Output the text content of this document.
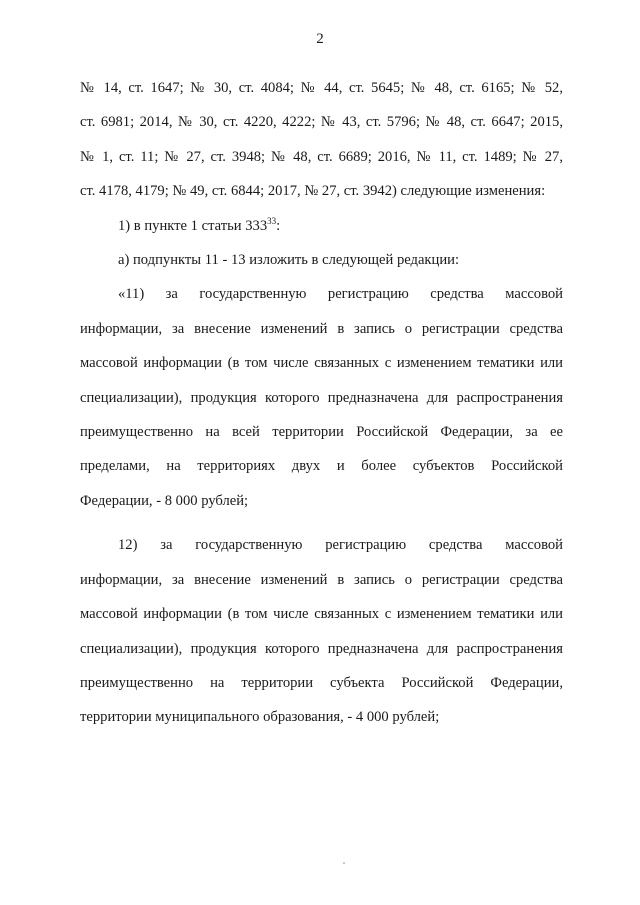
2
№ 14, ст. 1647; № 30, ст. 4084; № 44, ст. 5645; № 48, ст. 6165; № 52,
ст. 6981; 2014, № 30, ст. 4220, 4222; № 43, ст. 5796; № 48, ст. 6647; 2015,
№ 1, ст. 11; № 27, ст. 3948; № 48, ст. 6689; 2016, № 11, ст. 1489; № 27,
ст. 4178, 4179; № 49, ст. 6844; 2017, № 27, ст. 3942) следующие изменения:
1) в пункте 1 статьи $333^{33}$:
а) подпункты 11 - 13 изложить в следующей редакции:
«11) за государственную регистрацию средства массовой
информации, за внесение изменений в запись о регистрации средства
массовой информации (в том числе связанных с изменением тематики или
специализации), продукция которого предназначена для распространения
преимущественно на всей территории Российской Федерации, за ее
пределами, на территориях двух и более субъектов Российской
Федерации, - 8 000 рублей;
12) за государственную регистрацию средства массовой
информации, за внесение изменений в запись о регистрации средства
массовой информации (в том числе связанных с изменением тематики или
специализации), продукция которого предназначена для распространения
преимущественно на территории субъекта Российской Федерации,
территории муниципального образования, - 4 000 рублей;
